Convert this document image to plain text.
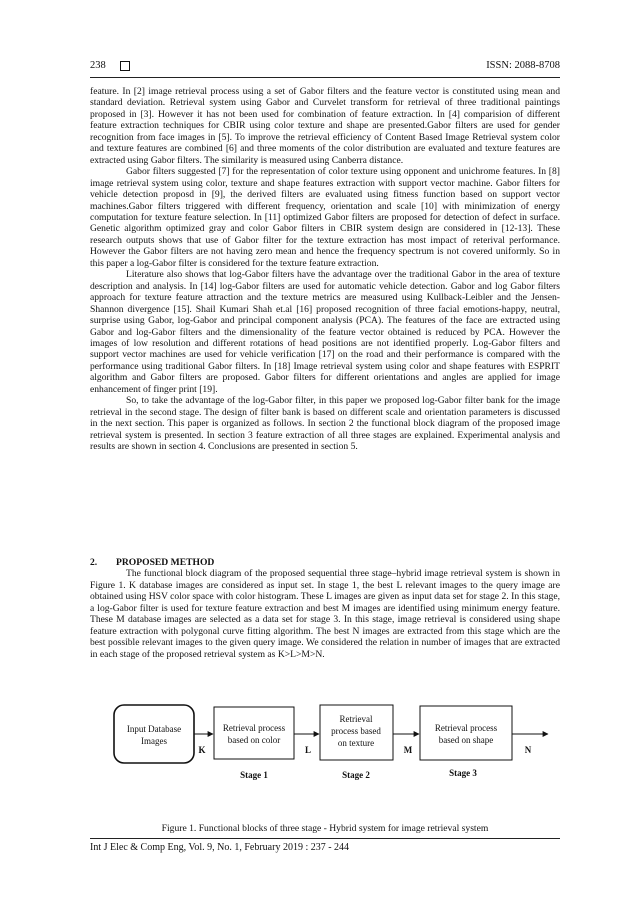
238	ISSN: 2088-8708

feature. In [2] image retrieval process using a set of Gabor filters and the feature vector is constituted using mean and standard deviation. Retrieval system using Gabor and Curvelet transform for retrieval of three traditional paintings proposed in [3]. However it has not been used for combination of feature extraction. In [4] comparision of different feature extraction techniques for CBIR using color texture and shape are presented.Gabor filters are used for gender recognition from face images in [5]. To improve the retrieval efficiency of Content Based Image Retrieval system color and texture features are combined [6] and three moments of the color distribution are evaluated and texture features are extracted using Gabor filters. The similarity is measured using Canberra distance.

Gabor filters suggested [7] for the representation of color texture using opponent and unichrome features. In [8] image retrieval system using color, texture and shape features extraction with support vector machine. Gabor filters for vehicle detection proposd in [9], the derived filters are evaluated using fitness function based on support vector machines.Gabor filters triggered with different frequency, orientation and scale [10] with minimization of energy computation for texture feature selection. In [11] optimized Gabor filters are proposed for detection of defect in surface. Genetic algorithm optimized gray and color Gabor filters in CBIR system design are considered in [12-13]. These research outputs shows that use of Gabor filter for the texture extraction has most impact of reterival performance. However the Gabor filters are not having zero mean and hence the frequency spectrum is not covered uniformly. So in this paper a log-Gabor filter is considered for the texture feature extraction.

Literature also shows that log-Gabor filters have the advantage over the traditional Gabor in the area of texture description and analysis. In [14] log-Gabor filters are used for automatic vehicle detection. Gabor and log Gabor filters approach for texture feature attraction and the texture metrics are measured using Kullback-Leibler and the Jensen-Shannon divergence [15]. Shail Kumari Shah et.al [16] proposed recognition of three facial emotions-happy, neutral, surprise using Gabor, log-Gabor and principal component analysis (PCA). The features of the face are extracted using Gabor and log-Gabor filters and the dimensionality of the feature vector obtained is reduced by PCA. However the images of low resolution and different rotations of head positions are not identified properly. Log-Gabor filters and support vector machines are used for vehicle verification [17] on the road and their performance is compared with the performance using traditional Gabor filters. In [18] Image retrieval system using color and shape features with ESPRIT algorithm and Gabor filters are proposed. Gabor filters for different orientations and angles are applied for image enhancement of finger print [19].

So, to take the advantage of the log-Gabor filter, in this paper we proposed log-Gabor filter bank for the image retrieval in the second stage. The design of filter bank is based on different scale and orientation parameters is discussed in the next section. This paper is organized as follows. In section 2 the functional block diagram of the proposed image retrieval system is presented. In section 3 feature extraction of all three stages are explained. Experimental analysis and results are shown in section 4. Conclusions are presented in section 5.

2. PROPOSED METHOD

The functional block diagram of the proposed sequential three stage–hybrid image retrieval system is shown in Figure 1. K database images are considered as input set. In stage 1, the best L relevant images to the query image are obtained using HSV color space with color histogram. These L images are given as input data set for stage 2. In this stage, a log-Gabor filter is used for texture feature extraction and best M images are identified using minimum energy feature. These M database images are selected as a data set for stage 3. In this stage, image retrieval is considered using shape feature extraction with polygonal curve fitting algorithm. The best N images are extracted from this stage which are the best possible relevant images to the given query image. We considered the relation in number of images that are extracted in each stage of the proposed retrieval system as K>L>M>N.

Input Database
Images
Retrieval process
based on color
Retrieval
process based
on texture
Retrieval process
based on shape
K	L	M	N
Stage 1	Stage 2	Stage 3
Figure 1. Functional blocks of three stage - Hybrid system for image retrieval system
Int J Elec & Comp Eng, Vol. 9, No. 1, February 2019 : 237 - 244
